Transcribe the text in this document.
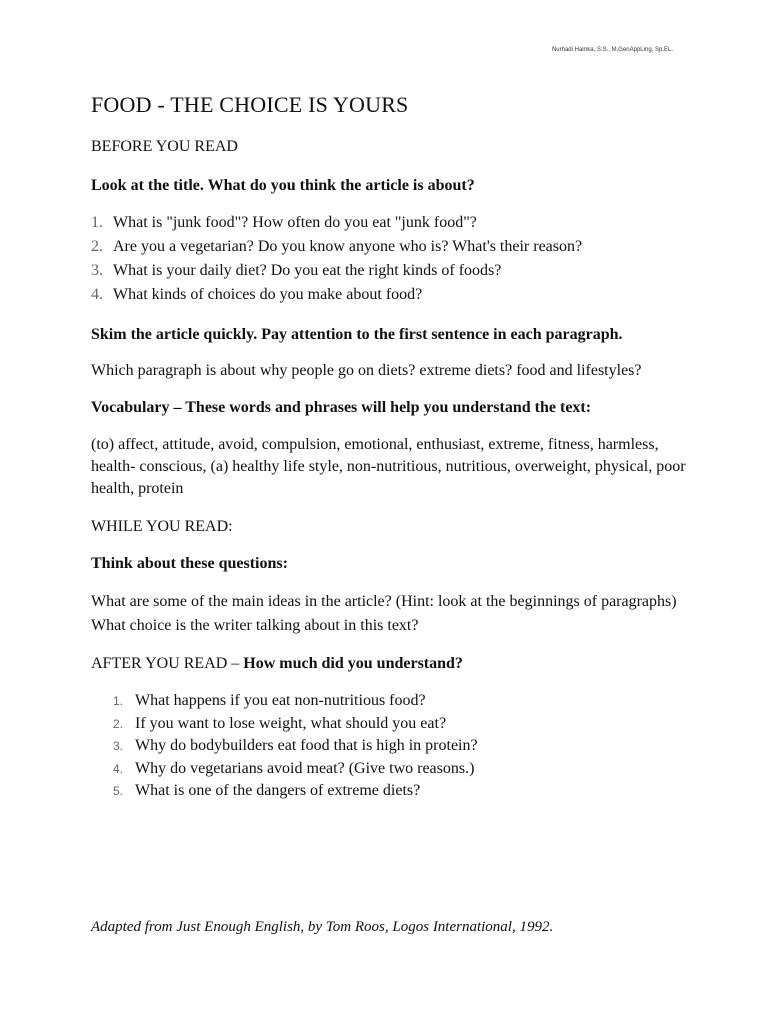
Nurhadi Hamka, S.S., M.GenAppLing, Sp.EL.
FOOD - THE CHOICE IS YOURS

BEFORE YOU READ

Look at the title. What do you think the article is about?

1. What is "junk food"? How often do you eat "junk food"?
2. Are you a vegetarian? Do you know anyone who is? What's their reason?
3. What is your daily diet? Do you eat the right kinds of foods?
4. What kinds of choices do you make about food?

Skim the article quickly. Pay attention to the first sentence in each paragraph.

Which paragraph is about why people go on diets? extreme diets? food and lifestyles?

Vocabulary – These words and phrases will help you understand the text:

(to) affect, attitude, avoid, compulsion, emotional, enthusiast, extreme, fitness, harmless, health- conscious, (a) healthy life style, non-nutritious, nutritious, overweight, physical, poor health, protein

WHILE YOU READ:

Think about these questions:

What are some of the main ideas in the article? (Hint: look at the beginnings of paragraphs) What choice is the writer talking about in this text?

AFTER YOU READ – How much did you understand?

1. What happens if you eat non-nutritious food?
2. If you want to lose weight, what should you eat?
3. Why do bodybuilders eat food that is high in protein?
4. Why do vegetarians avoid meat? (Give two reasons.)
5. What is one of the dangers of extreme diets?
Adapted from Just Enough English, by Tom Roos, Logos International, 1992.
